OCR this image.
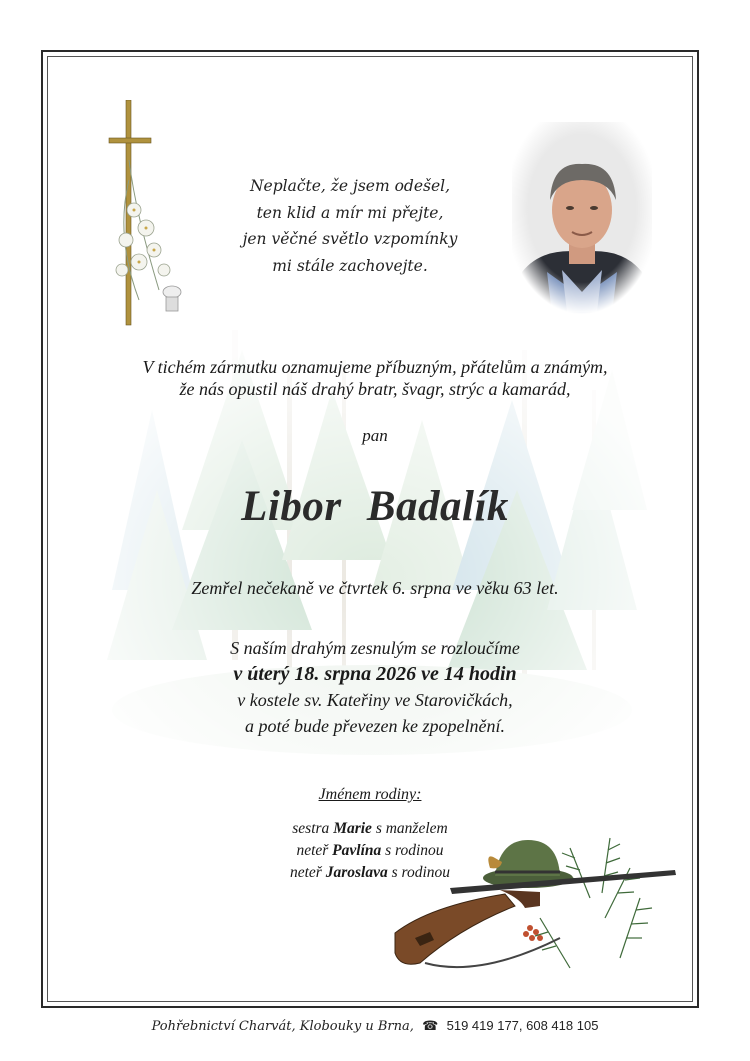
Neplačte, že jsem odešel,
ten klid a mír mi přejte,
jen věčné světlo vzpomínky
mi stále zachovejte.
V tichém zármutku oznamujeme příbuzným, přátelům a známým,
že nás opustil náš drahý bratr, švagr, strýc a kamarád,
pan
Libor Badalík
Zemřel nečekaně ve čtvrtek 6. srpna ve věku 63 let.
S naším drahým zesnulým se rozloučíme
v úterý 18. srpna 2026 ve 14 hodin
v kostele sv. Kateřiny ve Starovičkách,
a poté bude převezen ke zpopelnění.
Jménem rodiny:
sestra Marie s manželem
neteř Pavlína s rodinou
neteř Jaroslava s rodinou
Pohřebnictví Charvát, Klobouky u Brna, ☎ 519 419 177, 608 418 105
